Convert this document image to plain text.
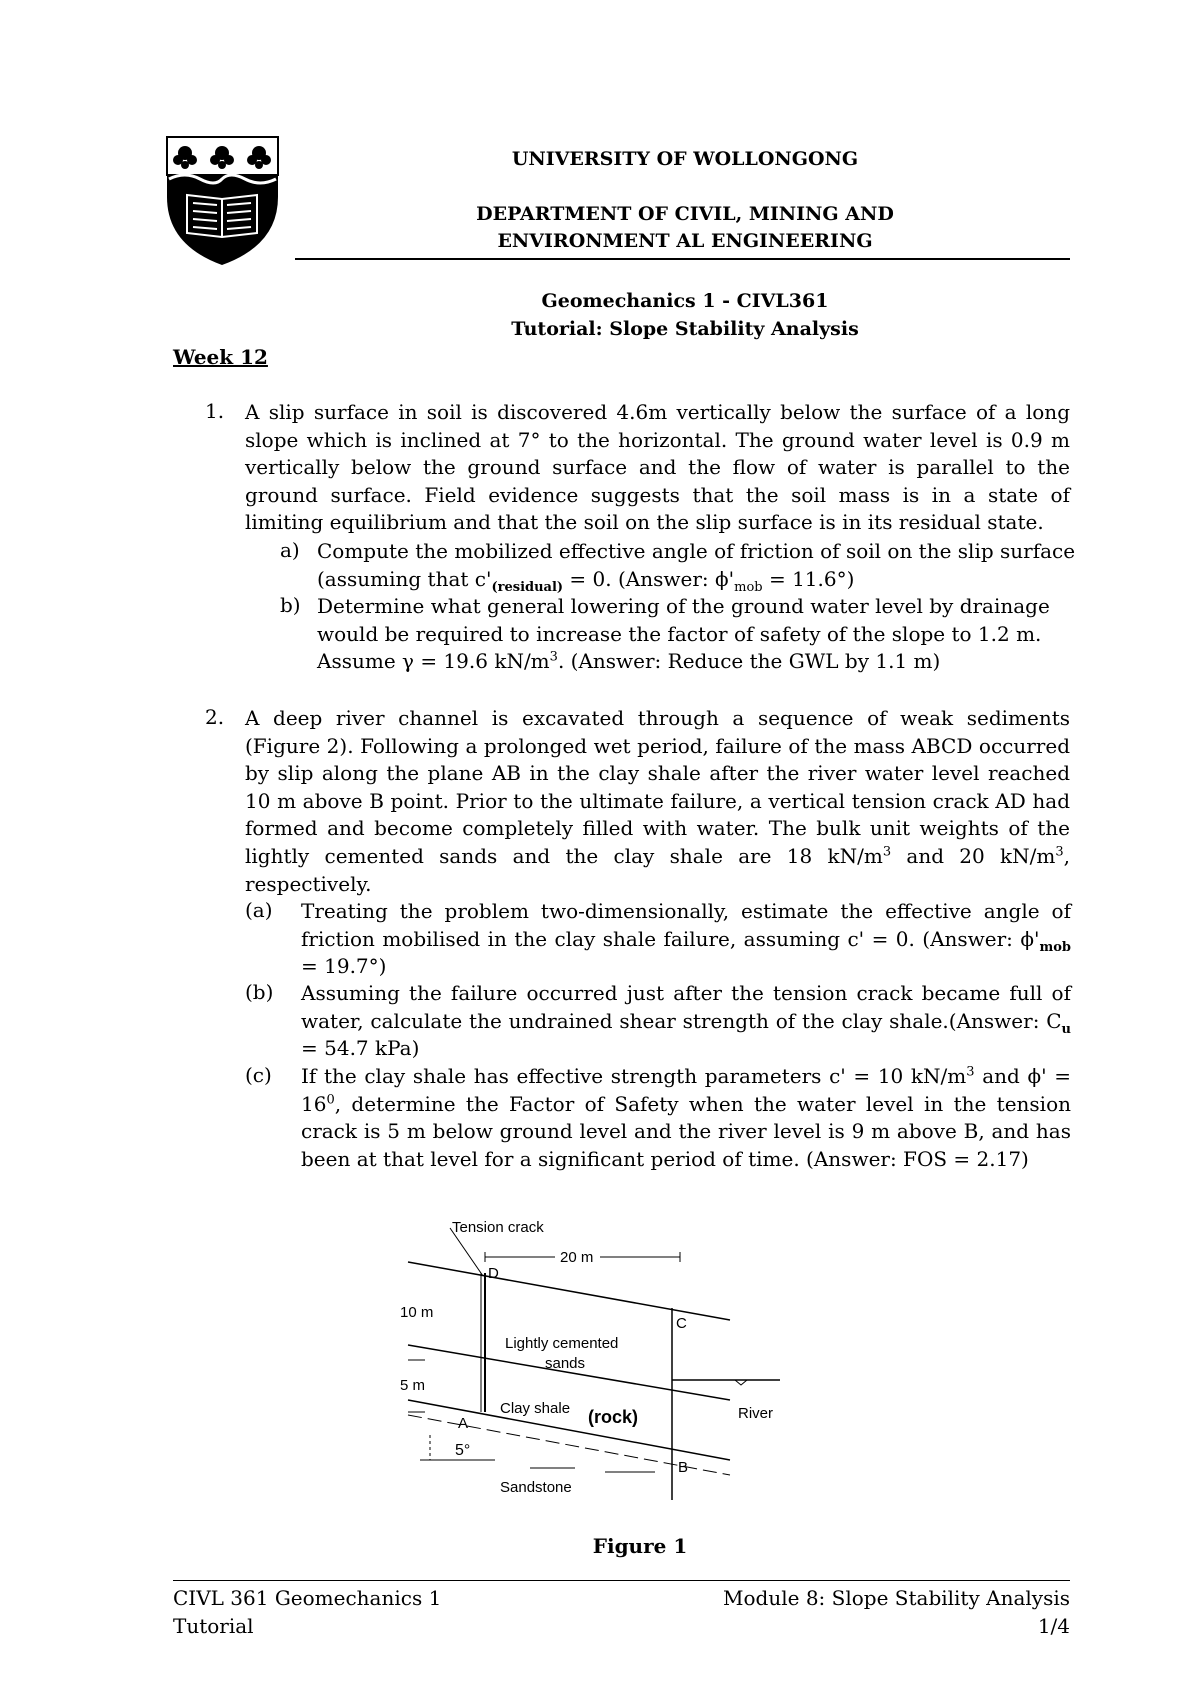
UNIVERSITY OF WOLLONGONG
DEPARTMENT OF CIVIL, MINING AND
ENVIRONMENT AL ENGINEERING
Geomechanics 1 - CIVL361
Tutorial: Slope Stability Analysis
Week 12
1. A slip surface in soil is discovered 4.6m vertically below the surface of a long slope which is inclined at 7° to the horizontal. The ground water level is 0.9 m vertically below the ground surface and the flow of water is parallel to the ground surface. Field evidence suggests that the soil mass is in a state of limiting equilibrium and that the soil on the slip surface is in its residual state.
a) Compute the mobilized effective angle of friction of soil on the slip surface
(assuming that $c'_{(residual)} = 0$. (Answer: $\phi'_{mob} = 11.6^\circ$)
b) Determine what general lowering of the ground water level by drainage
would be required to increase the factor of safety of the slope to 1.2 m.
Assume γ = 19.6 $kN/m^3$. (Answer: Reduce the GWL by 1.1 m)
2. A deep river channel is excavated through a sequence of weak sediments (Figure 2). Following a prolonged wet period, failure of the mass ABCD occurred by slip along the plane AB in the clay shale after the river water level reached 10 m above B point. Prior to the ultimate failure, a vertical tension crack AD had formed and become completely filled with water. The bulk unit weights of the lightly cemented sands and the clay shale are 18 $kN/m^3$ and 20 $kN/m^3$, respectively.
(a) Treating the problem two-dimensionally, estimate the effective angle of friction mobilised in the clay shale failure, assuming c' = 0. (Answer: $\phi'_{mob} = 19.7^\circ$)
(b) Assuming the failure occurred just after the tension crack became full of water, calculate the undrained shear strength of the clay shale.(Answer: $C_u = 54.7$ kPa)
(c) If the clay shale has effective strength parameters c' = 10 $kN/m^3$ and $\phi' = 16^0$, determine the Factor of Safety when the water level in the tension crack is 5 m below ground level and the river level is 9 m above B, and has been at that level for a significant period of time. (Answer: FOS = 2.17)
Tension crack
20 m
D
C
A
B
10 m
5 m
5°
Lightly cemented
sands
Clay shale (rock)	River
Sandstone
Figure 1
CIVL 361 Geomechanics 1
Tutorial
Module 8: Slope Stability Analysis
1/4
